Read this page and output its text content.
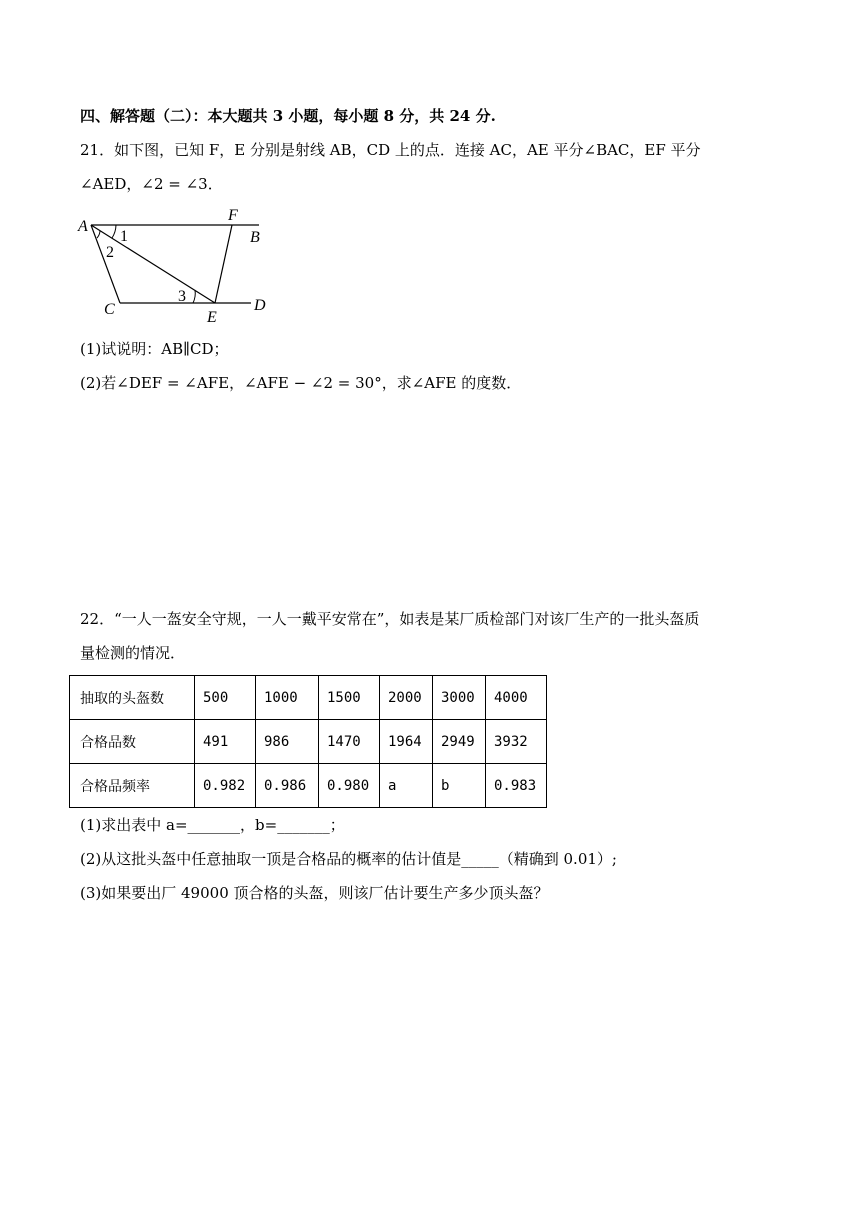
四、解答题（二）：本大题共 3 小题，每小题 8 分，共 24 分.
21．如下图，已知 F，E 分别是射线 AB，CD 上的点．连接 AC，AE 平分∠BAC，EF 平分
∠AED，∠2 = ∠3．
A
F
B
C	E
D
1
2
3
(1)试说明：AB∥CD；
(2)若∠DEF = ∠AFE，∠AFE − ∠2 = 30°，求∠AFE 的度数．
22．“一人一盔安全守规，一人一戴平安常在”，如表是某厂质检部门对该厂生产的一批头盔质
量检测的情况．
抽取的头盔数	500	1000	1500	2000	3000	4000
合格品数	491	986	1470	1964	2949	3932
合格品频率	0.982	0.986	0.980	a	b	0.983
(1)求出表中 a=_______，b=_______；
(2)从这批头盔中任意抽取一顶是合格品的概率的估计值是_____（精确到 0.01）;
(3)如果要出厂 49000 顶合格的头盔，则该厂估计要生产多少顶头盔？
